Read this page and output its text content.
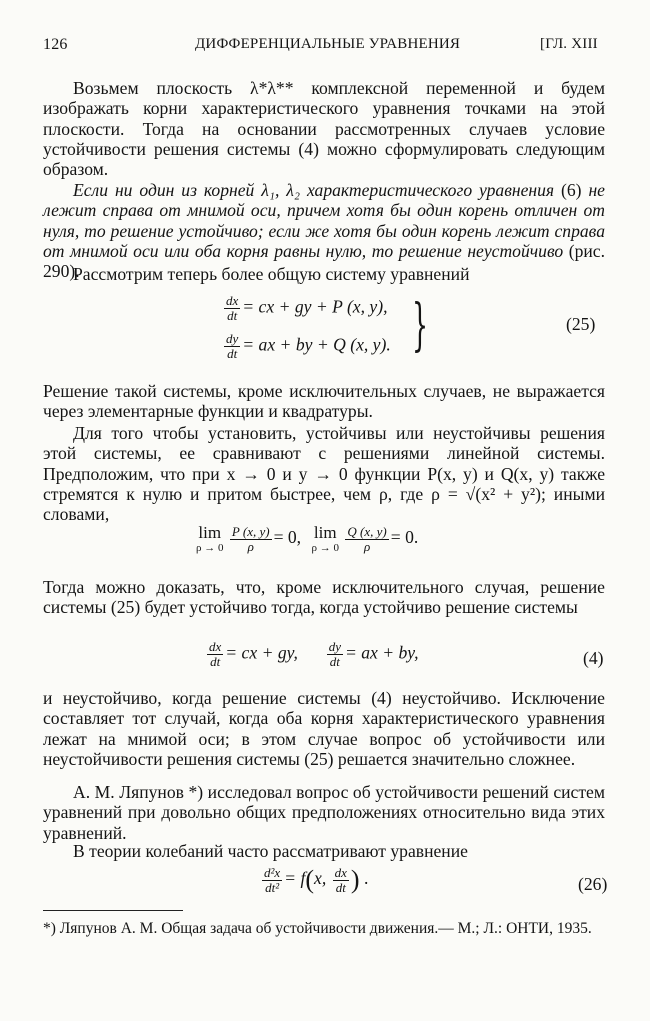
126	ДИФФЕРЕНЦИАЛЬНЫЕ УРАВНЕНИЯ	[ГЛ. XIII

Возьмем плоскость λ*λ** комплексной переменной и будем изображать корни характеристического уравнения точками на этой плоскости. Тогда на основании рассмотренных случаев условие устойчивости решения системы (4) можно сформулировать следующим образом.

Если ни один из корней λ₁, λ₂ характеристического уравнения (6) не лежит справа от мнимой оси, причем хотя бы один корень отличен от нуля, то решение устойчиво; если же хотя бы один корень лежит справа от мнимой оси или оба корня равны нулю, то решение неустойчиво (рис. 290).

Рассмотрим теперь более общую систему уравнений

$\frac{dx}{dt}$ = cx + gy + P (x, y),
$\frac{dy}{dt}$ = ax + by + Q (x, y). }	(25)

Решение такой системы, кроме исключительных случаев, не выражается через элементарные функции и квадратуры.

Для того чтобы установить, устойчивы или неустойчивы решения этой системы, ее сравнивают с решениями линейной системы. Предположим, что при x → 0 и y → 0 функции P(x, y) и Q(x, y) также стремятся к нулю и притом быстрее, чем ρ, где ρ = √(x² + y²); иными словами,

lim
ρ → 0
$\frac{P (x, y)}{\rho} = 0$, lim
ρ → 0
$\frac{Q (x, y)}{\rho} = 0$.

Тогда можно доказать, что, кроме исключительного случая, решение системы (25) будет устойчиво тогда, когда устойчиво решение системы

$\frac{dx}{dt}$ = cx + gy, $\frac{dy}{dt}$ = ax + by,	(4)

и неустойчиво, когда решение системы (4) неустойчиво. Исключение составляет тот случай, когда оба корня характеристического уравнения лежат на мнимой оси; в этом случае вопрос об устойчивости или неустойчивости решения системы (25) решается значительно сложнее.

А. М. Ляпунов *) исследовал вопрос об устойчивости решений систем уравнений при довольно общих предположениях относительно вида этих уравнений.

В теории колебаний часто рассматривают уравнение

$\frac{\text{d²x}}{\text{dt²}} = f(x$, $\frac{dx}{dt}$ ) .	(26)

*) Ляпунов А. М. Общая задача об устойчивости движения.— М.; Л.: ОНТИ, 1935.
